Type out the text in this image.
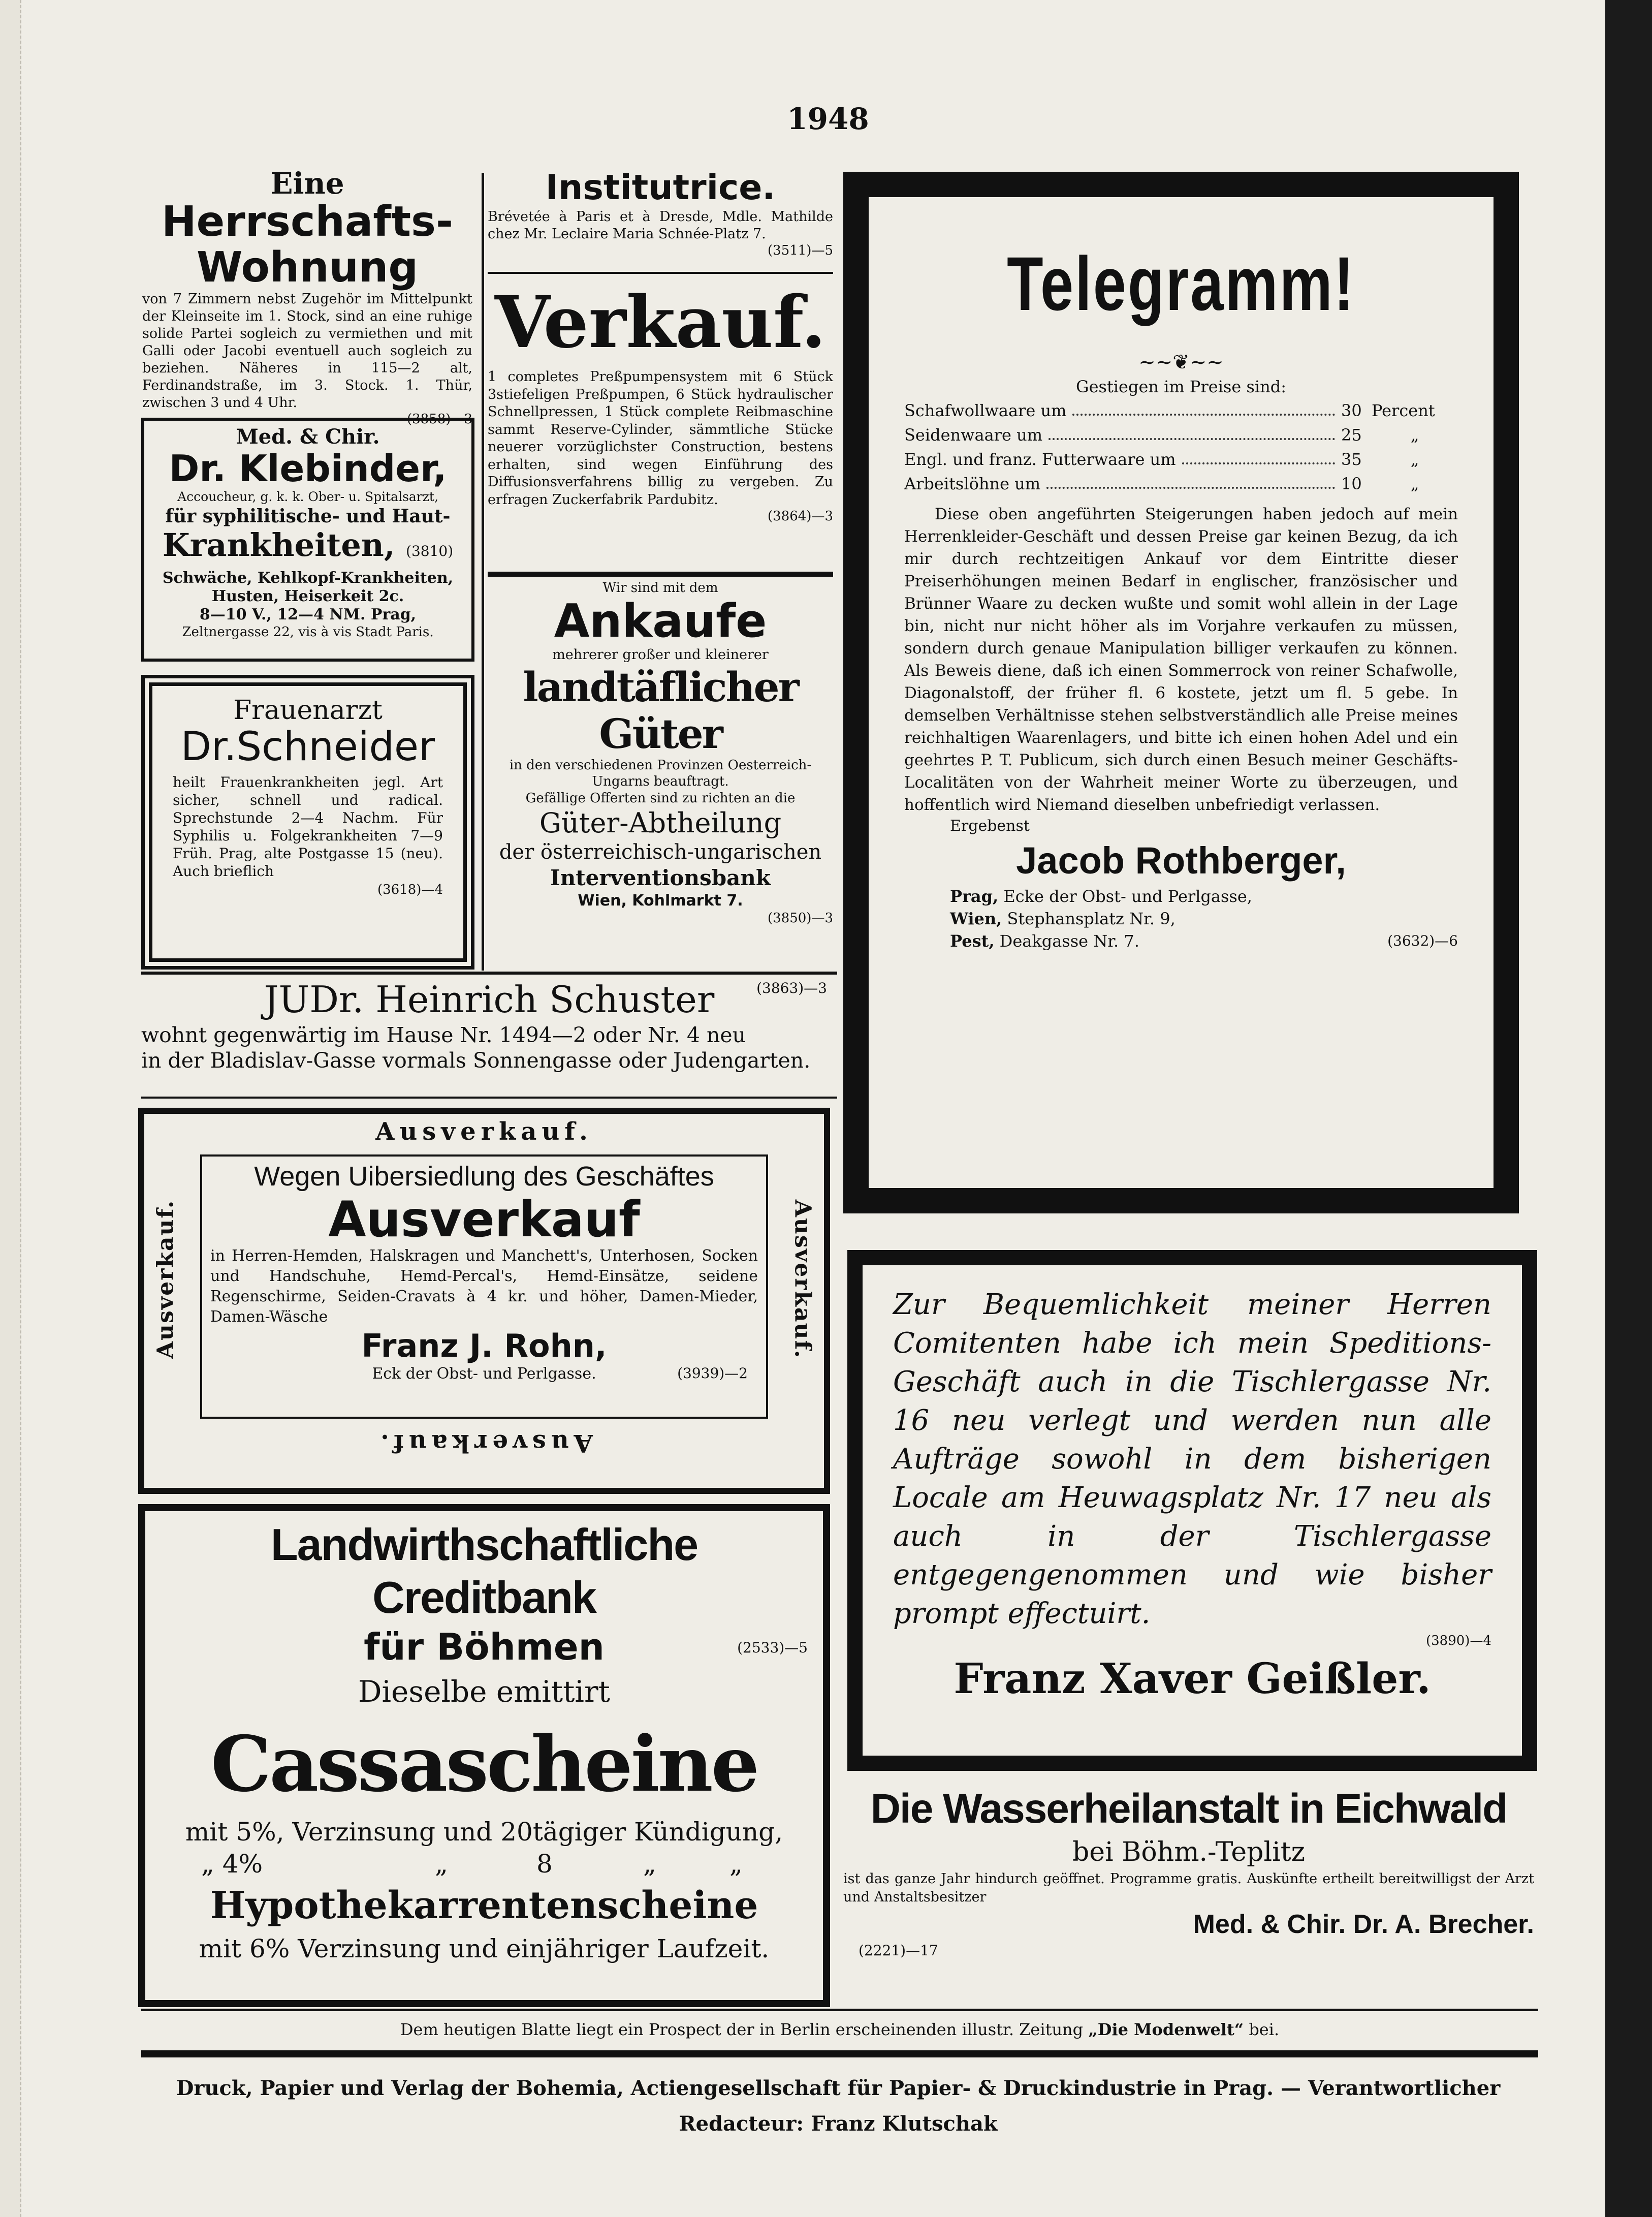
1948
Eine
Herrschafts-
Wohnung

von 7 Zimmern nebst Zugehör im Mittelpunkt der Kleinseite im 1. Stock, sind an eine ruhige solide Partei sogleich zu vermiethen und mit Galli oder Jacobi eventuell auch sogleich zu beziehen. Näheres in 115—2 alt, Ferdinandstraße, im 3. Stock. 1. Thür, zwischen 3 und 4 Uhr.

(3858)—3
Med. & Chir.
Dr. Klebinder,
Accoucheur, g. k. k. Ober- u. Spitalsarzt,
für syphilitische- und Haut-
Krankheiten, (3810)
Schwäche, Kehlkopf-Krankheiten, Husten, Heiserkeit 2c.
8—10 V., 12—4 NM. Prag,
Zeltnergasse 22, vis à vis Stadt Paris.
Frauenarzt
Dr.Schneider

heilt Frauenkrankheiten jegl. Art sicher, schnell und radical. Sprechstunde 2—4 Nachm. Für Syphilis u. Folgekrankheiten 7—9 Früh. Prag, alte Postgasse 15 (neu). Auch brieflich

(3618)—4
Institutrice.

Brévetée à Paris et à Dresde, Mdle. Mathilde chez Mr. Leclaire Maria Schnée-Platz 7.

(3511)—5
Verkauf.

1 completes Preßpumpensystem mit 6 Stück 3stiefeligen Preßpumpen, 6 Stück hydraulischer Schnellpressen, 1 Stück complete Reibmaschine sammt Reserve-Cylinder, sämmtliche Stücke neuerer vorzüglichster Construction, bestens erhalten, sind wegen Einführung des Diffusionsverfahrens billig zu vergeben. Zu erfragen Zuckerfabrik Pardubitz.

(3864)—3
Wir sind mit dem
Ankaufe
mehrerer großer und kleinerer
landtäflicher Güter
in den verschiedenen Provinzen Oesterreich-Ungarns beauftragt.
Gefällige Offerten sind zu richten an die
Güter-Abtheilung
der österreichisch-ungarischen
Interventionsbank
Wien, Kohlmarkt 7.
(3850)—3
JUDr. Heinrich Schuster	(3863)—3
wohnt gegenwärtig im Hause Nr. 1494—2 oder Nr. 4 neu
in der Bladislav-Gasse vormals Sonnengasse oder Judengarten.
Ausverkauf.
Ausverkauf.	Ausverkauf.
Wegen Uibersiedlung des Geschäftes
Ausverkauf

in Herren-Hemden, Halskragen und Manchett's, Unterhosen, Socken und Handschuhe, Hemd-Percal's, Hemd-Einsätze, seidene Regenschirme, Seiden-Cravats à 4 kr. und höher, Damen-Mieder, Damen-Wäsche

Franz J. Rohn,
Eck der Obst- und Perlgasse.	(3939)—2
Ausverkauf.
Landwirthschaftliche Creditbank
für Böhmen	(2533)—5
Dieselbe emittirt
Cassascheine
mit 5%, Verzinsung und 20tägiger Kündigung,
„ 4%	„	8	„	„
Hypothekarrentenscheine
mit 6% Verzinsung und einjähriger Laufzeit.
Telegramm!
~~❦~~
Gestiegen im Preise sind:
Schafwollwaare um	30 Percent
Seidenwaare um	25	„
Engl. und franz. Futterwaare um	35	„
Arbeitslöhne um	10	„

Diese oben angeführten Steigerungen haben jedoch auf mein Herrenkleider-Geschäft und dessen Preise gar keinen Bezug, da ich mir durch rechtzeitigen Ankauf vor dem Eintritte dieser Preiserhöhungen meinen Bedarf in englischer, französischer und Brünner Waare zu decken wußte und somit wohl allein in der Lage bin, nicht nur nicht höher als im Vorjahre verkaufen zu müssen, sondern durch genaue Manipulation billiger verkaufen zu können. Als Beweis diene, daß ich einen Sommerrock von reiner Schafwolle, Diagonalstoff, der früher fl. 6 kostete, jetzt um fl. 5 gebe. In demselben Verhältnisse stehen selbstverständlich alle Preise meines reichhaltigen Waarenlagers, und bitte ich einen hohen Adel und ein geehrtes P. T. Publicum, sich durch einen Besuch meiner Geschäfts-Localitäten von der Wahrheit meiner Worte zu überzeugen, und hoffentlich wird Niemand dieselben unbefriedigt verlassen.

Ergebenst
Jacob Rothberger,
Prag, Ecke der Obst- und Perlgasse,
Wien, Stephansplatz Nr. 9,
Pest, Deakgasse Nr. 7.	(3632)—6

Zur Bequemlichkeit meiner Herren Comitenten habe ich mein Speditions-Geschäft auch in die Tischlergasse Nr. 16 neu verlegt und werden nun alle Aufträge sowohl in dem bisherigen Locale am Heuwagsplatz Nr. 17 neu als auch in der Tischlergasse entgegengenommen und wie bisher prompt effectuirt.

(3890)—4
Franz Xaver Geißler.
Die Wasserheilanstalt in Eichwald
bei Böhm.-Teplitz

ist das ganze Jahr hindurch geöffnet. Programme gratis. Auskünfte ertheilt bereitwilligst der Arzt und Anstaltsbesitzer

Med. & Chir. Dr. A. Brecher.
(2221)—17
Dem heutigen Blatte liegt ein Prospect der in Berlin erscheinenden illustr. Zeitung „Die Modenwelt“ bei.
Druck, Papier und Verlag der Bohemia, Actiengesellschaft für Papier- & Druckindustrie in Prag. — Verantwortlicher Redacteur: Franz Klutschak
